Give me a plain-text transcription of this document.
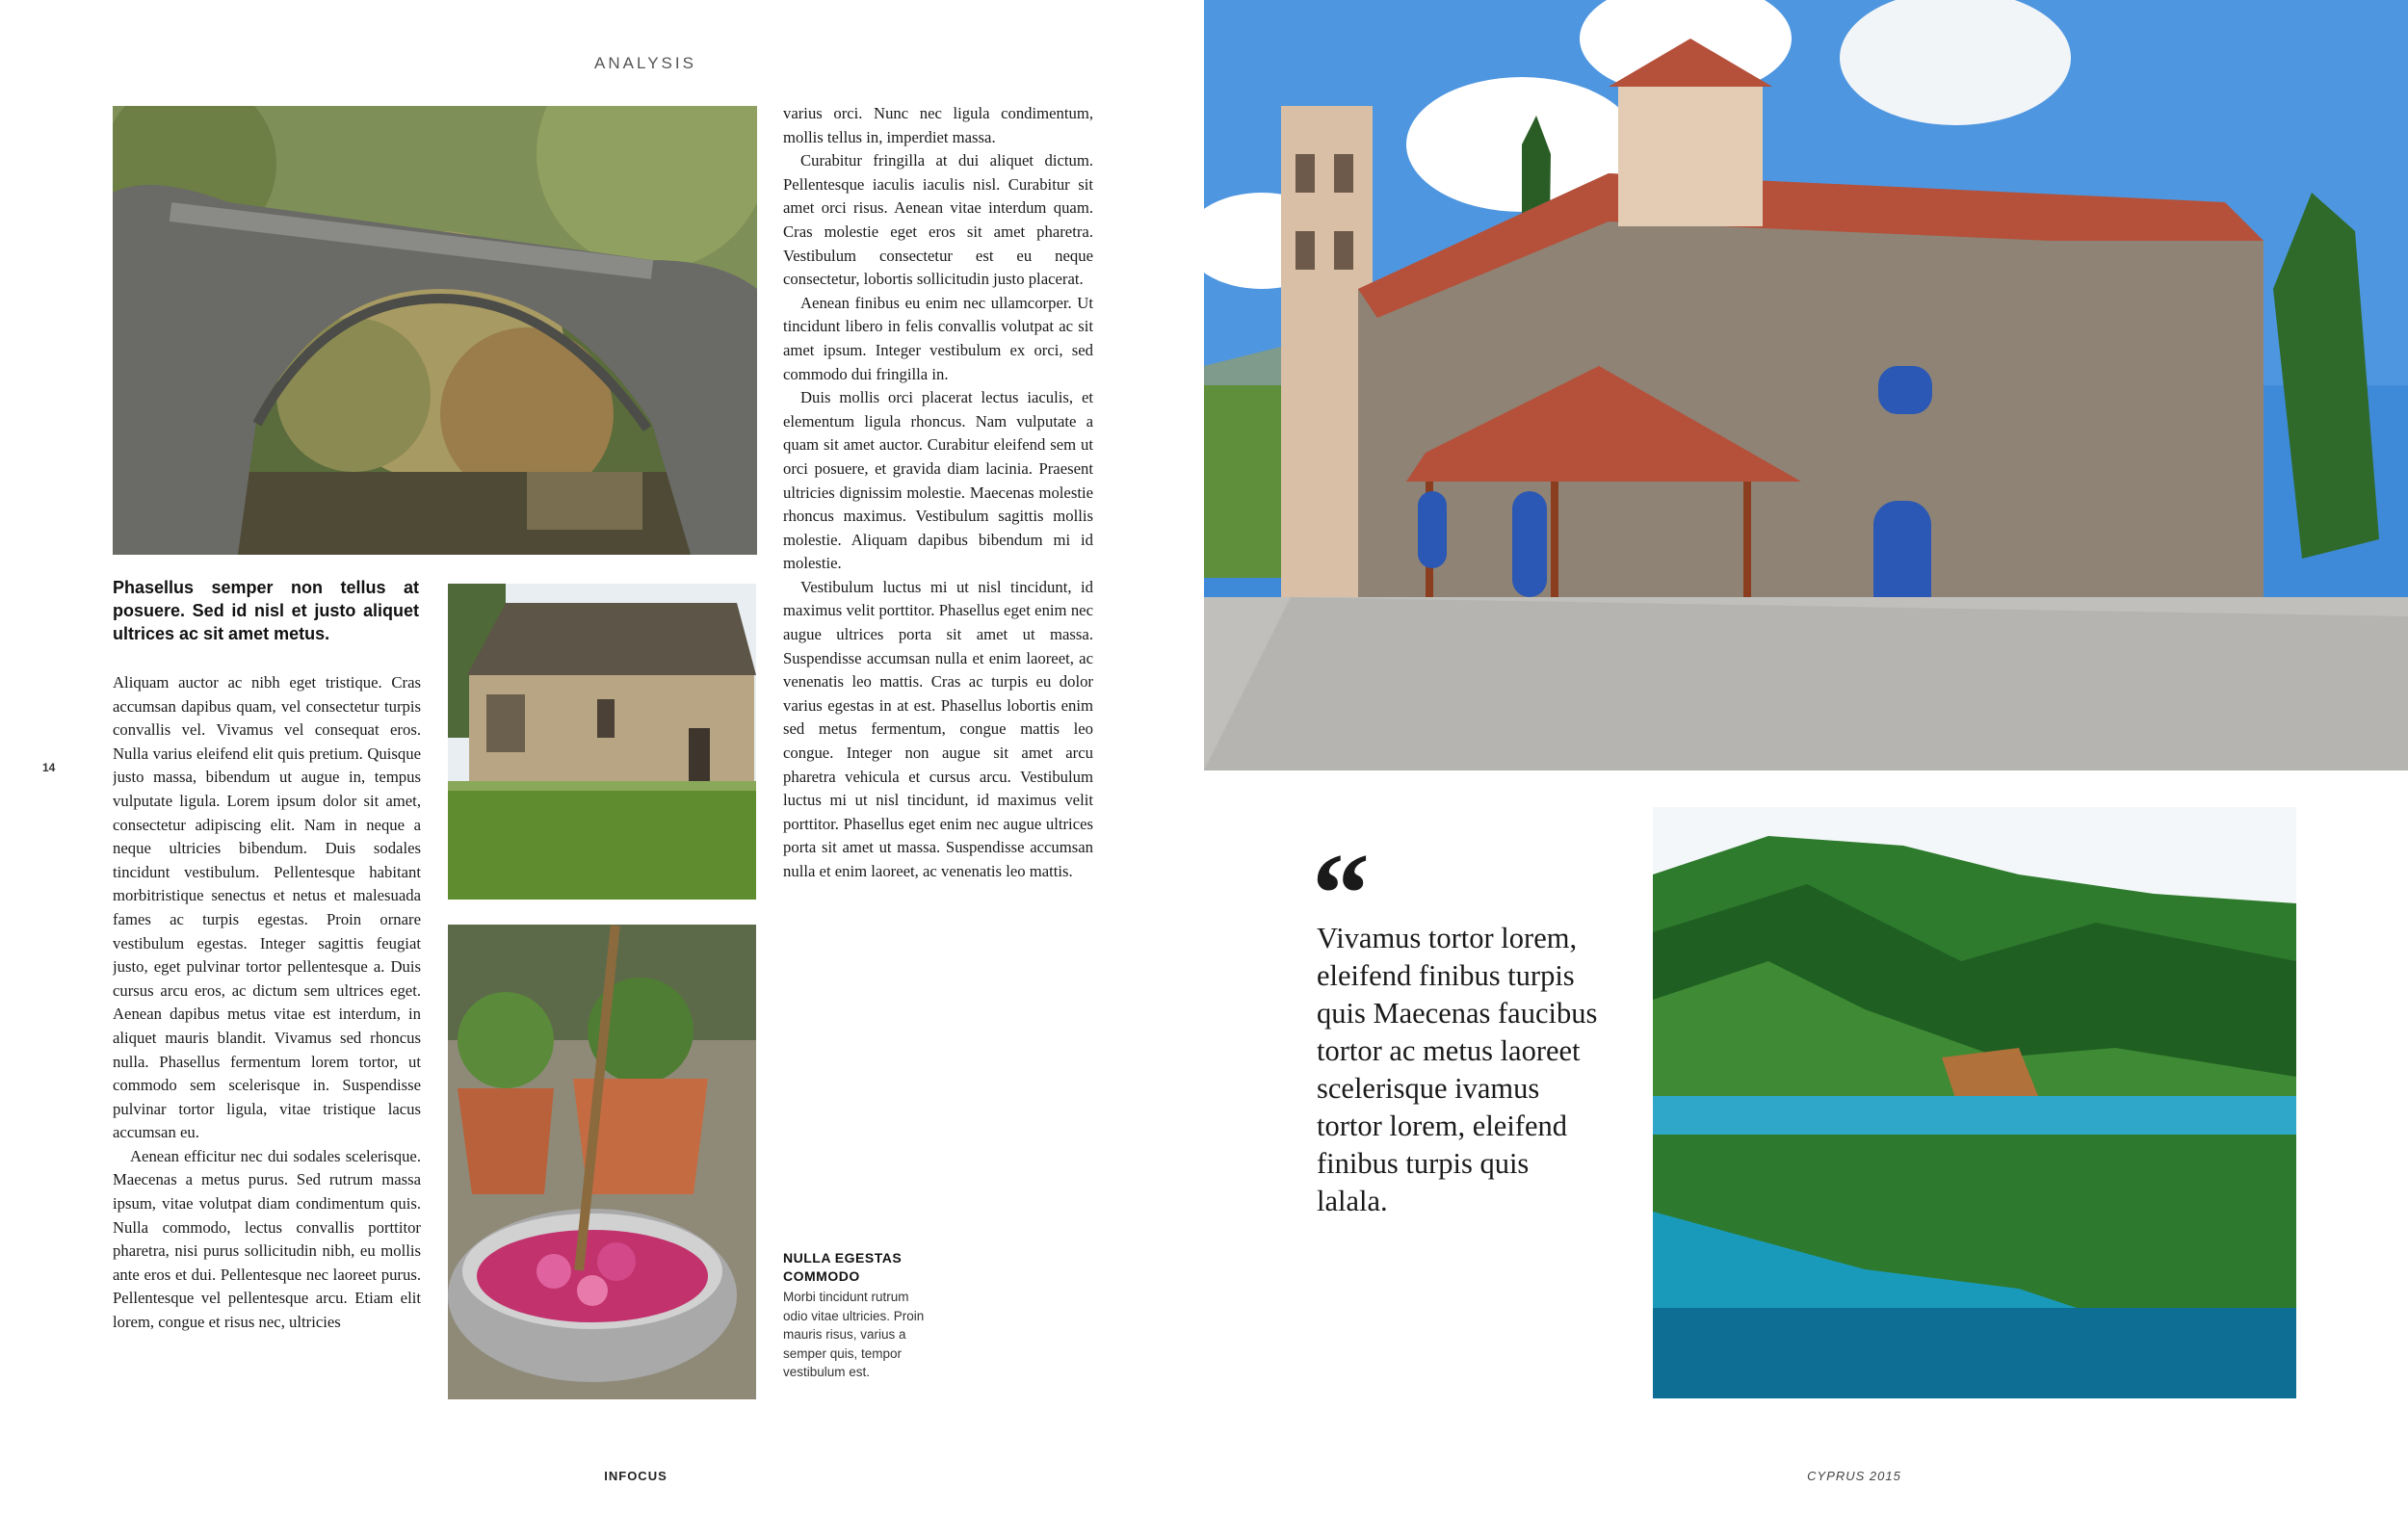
ANALYSIS
14
INFOCUS	CYPRUS 2015
Phasellus semper non tellus at posuere. Sed id nisl et justo aliquet ultrices ac sit amet metus.

Aliquam auctor ac nibh eget tristique. Cras accumsan dapibus quam, vel consectetur turpis convallis vel. Vivamus vel consequat eros. Nulla varius eleifend elit quis pretium. Quisque justo massa, bibendum ut augue in, tempus vulputate ligula. Lorem ipsum dolor sit amet, consectetur adipiscing elit. Nam in neque a neque ultricies bibendum. Duis sodales tincidunt vestibulum. Pellentesque habitant morbitristique senectus et netus et malesuada fames ac turpis egestas. Proin ornare vestibulum egestas. Integer sagittis feugiat justo, eget pulvinar tortor pellentesque a. Duis cursus arcu eros, ac dictum sem ultrices eget. Aenean dapibus metus vitae est interdum, in aliquet mauris blandit. Vivamus sed rhoncus nulla. Phasellus fermentum lorem tortor, ut commodo sem scelerisque in. Suspendisse pulvinar tortor ligula, vitae tristique lacus accumsan eu.

Aenean efficitur nec dui sodales scelerisque. Maecenas a metus purus. Sed rutrum massa ipsum, vitae volutpat diam condimentum quis. Nulla commodo, lectus convallis porttitor pharetra, nisi purus sollicitudin nibh, eu mollis ante eros et dui. Pellentesque nec laoreet purus. Pellentesque vel pellentesque arcu. Etiam elit lorem, congue et risus nec, ultricies

varius orci. Nunc nec ligula condimentum, mollis tellus in, imperdiet massa.

Curabitur fringilla at dui aliquet dictum. Pellentesque iaculis iaculis nisl. Curabitur sit amet orci risus. Aenean vitae interdum quam. Cras molestie eget eros sit amet pharetra. Vestibulum consectetur est eu neque consectetur, lobortis sollicitudin justo placerat.

Aenean finibus eu enim nec ullamcorper. Ut tincidunt libero in felis convallis volutpat ac sit amet ipsum. Integer vestibulum ex orci, sed commodo dui fringilla in.

Duis mollis orci placerat lectus iaculis, et elementum ligula rhoncus. Nam vulputate a quam sit amet auctor. Curabitur eleifend sem ut orci posuere, et gravida diam lacinia. Praesent ultricies dignissim molestie. Maecenas molestie rhoncus maximus. Vestibulum sagittis mollis molestie. Aliquam dapibus bibendum mi id molestie.

Vestibulum luctus mi ut nisl tincidunt, id maximus velit porttitor. Phasellus eget enim nec augue ultrices porta sit amet ut massa. Suspendisse accumsan nulla et enim laoreet, ac venenatis leo mattis. Cras ac turpis eu dolor varius egestas in at est. Phasellus lobortis enim sed metus fermentum, congue mattis leo congue. Integer non augue sit amet arcu pharetra vehicula et cursus arcu. Vestibulum luctus mi ut nisl tincidunt, id maximus velit porttitor. Phasellus eget enim nec augue ultrices porta sit amet ut massa. Suspendisse accumsan nulla et enim laoreet, ac venenatis leo mattis.

NULLA EGESTAS COMMODO
Morbi tincidunt rutrum odio vitae ultricies. Proin mauris risus, varius a semper quis, tempor vestibulum est.
“
Vivamus tortor lorem, eleifend finibus turpis quis Maecenas faucibus tortor ac metus laoreet scelerisque ivamus tortor lorem, eleifend finibus turpis quis lalala.
